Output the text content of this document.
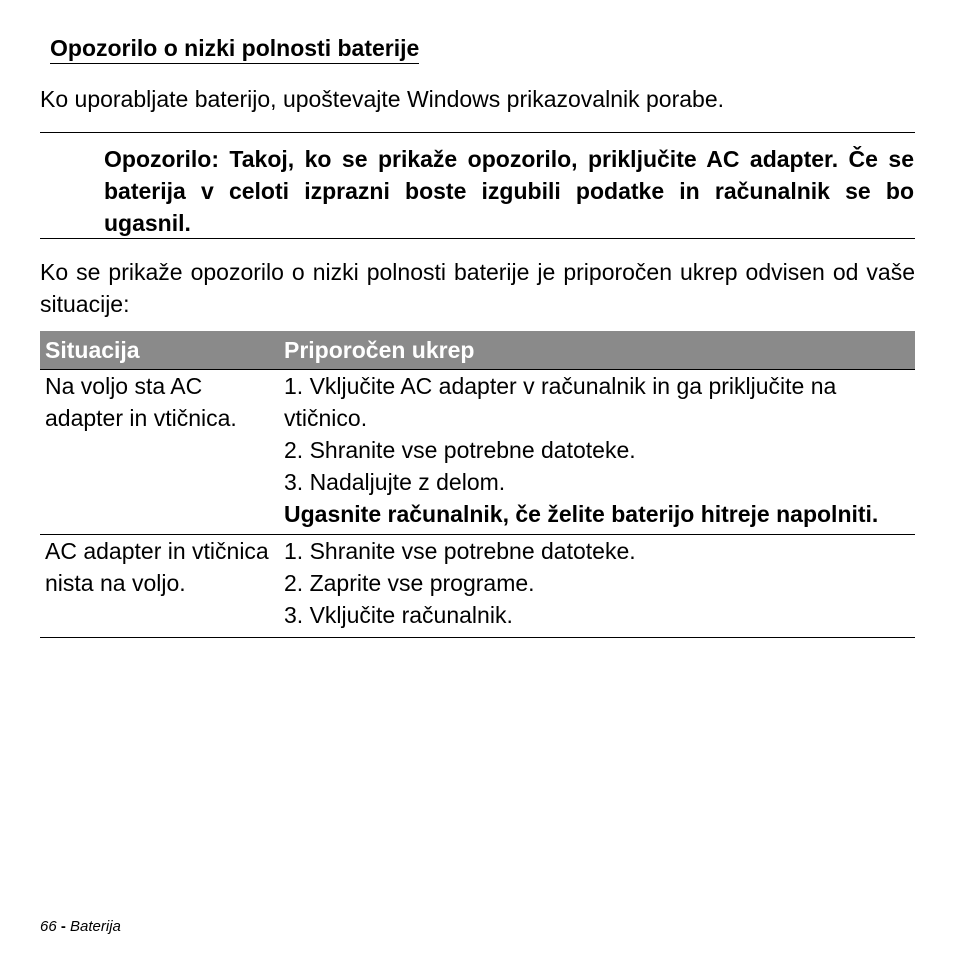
Opozorilo o nizki polnosti baterije

Ko uporabljate baterijo, upoštevajte Windows prikazovalnik porabe.

Opozorilo: Takoj, ko se prikaže opozorilo, priključite AC adapter. Če se baterija v celoti izprazni boste izgubili podatke in računalnik se bo ugasnil.

Ko se prikaže opozorilo o nizki polnosti baterije je priporočen ukrep odvisen od vaše situacije:

Situacija	Priporočen ukrep
Na voljo sta AC adapter in vtičnica.	1. Vključite AC adapter v računalnik in ga priključite na vtičnico.
2. Shranite vse potrebne datoteke.
3. Nadaljujte z delom.
Ugasnite računalnik, če želite baterijo hitreje napolniti.

AC adapter in vtičnica nista na voljo.	1. Shranite vse potrebne datoteke.
2. Zaprite vse programe.
3. Vključite računalnik.
66 - Baterija
